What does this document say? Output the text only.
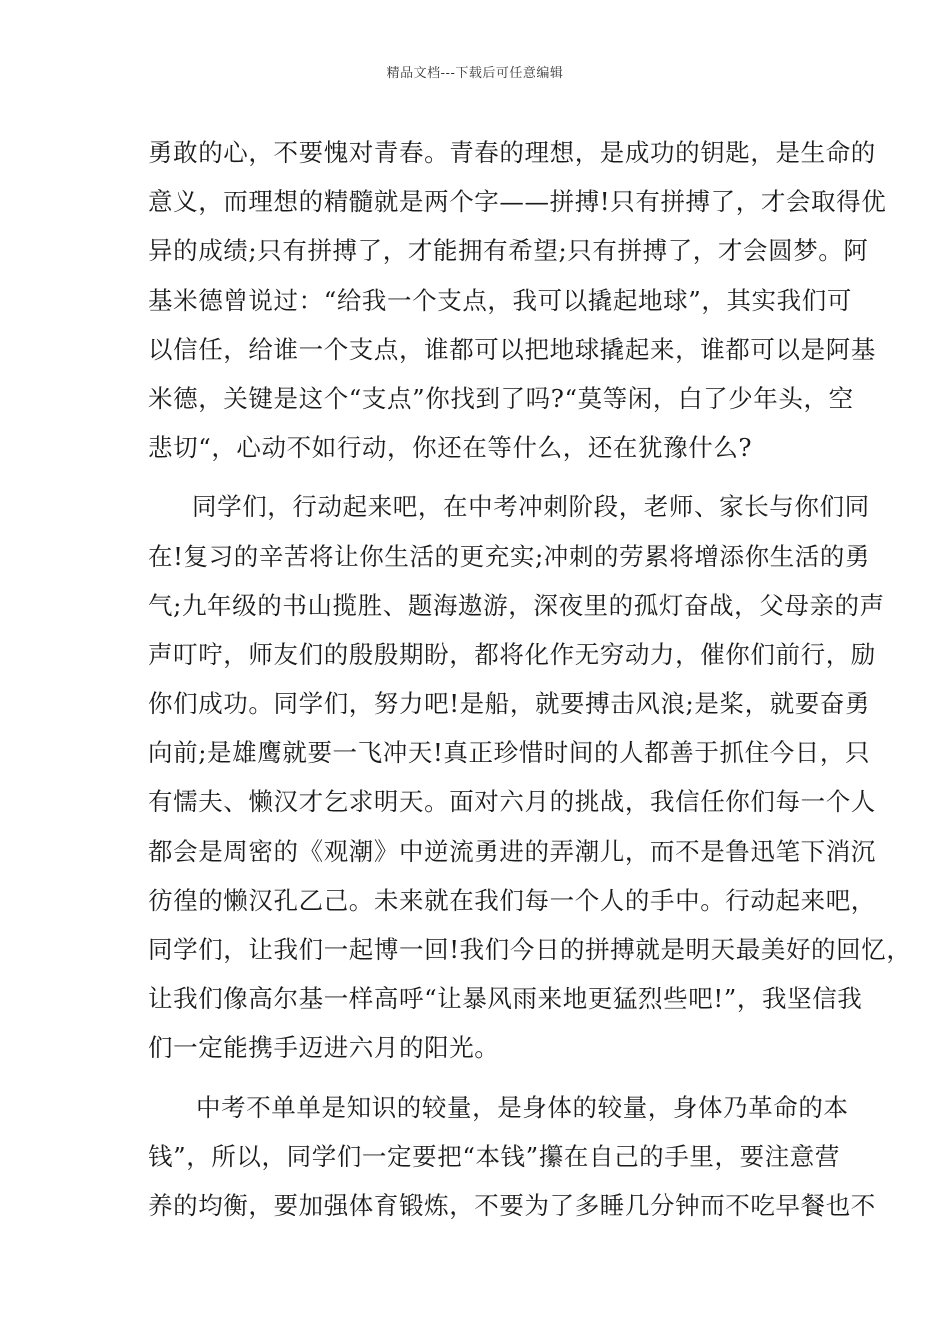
精品文档---下载后可任意编辑
勇敢的心，不要愧对青春。青春的理想，是成功的钥匙，是生命的
意义，而理想的精髓就是两个字——拼搏!只有拼搏了，才会取得优
异的成绩;只有拼搏了，才能拥有希望;只有拼搏了，才会圆梦。阿
基米德曾说过：“给我一个支点，我可以撬起地球”，其实我们可
以信任，给谁一个支点，谁都可以把地球撬起来，谁都可以是阿基
米德，关键是这个“支点”你找到了吗?“莫等闲，白了少年头，空
悲切“，心动不如行动，你还在等什么，还在犹豫什么?
同学们，行动起来吧，在中考冲刺阶段，老师、家长与你们同
在!复习的辛苦将让你生活的更充实;冲刺的劳累将增添你生活的勇
气;九年级的书山揽胜、题海遨游，深夜里的孤灯奋战，父母亲的声
声叮咛，师友们的殷殷期盼，都将化作无穷动力，催你们前行，励
你们成功。同学们，努力吧!是船，就要搏击风浪;是桨，就要奋勇
向前;是雄鹰就要一飞冲天!真正珍惜时间的人都善于抓住今日，只
有懦夫、懒汉才乞求明天。面对六月的挑战，我信任你们每一个人
都会是周密的《观潮》中逆流勇进的弄潮儿，而不是鲁迅笔下消沉
彷徨的懒汉孔乙己。未来就在我们每一个人的手中。行动起来吧，
同学们，让我们一起博一回!我们今日的拼搏就是明天最美好的回忆，
让我们像高尔基一样高呼“让暴风雨来地更猛烈些吧!”，我坚信我
们一定能携手迈进六月的阳光。
中考不单单是知识的较量，是身体的较量，身体乃革命的本
钱”，所以，同学们一定要把“本钱”攥在自己的手里，要注意营
养的均衡，要加强体育锻炼，不要为了多睡几分钟而不吃早餐也不
